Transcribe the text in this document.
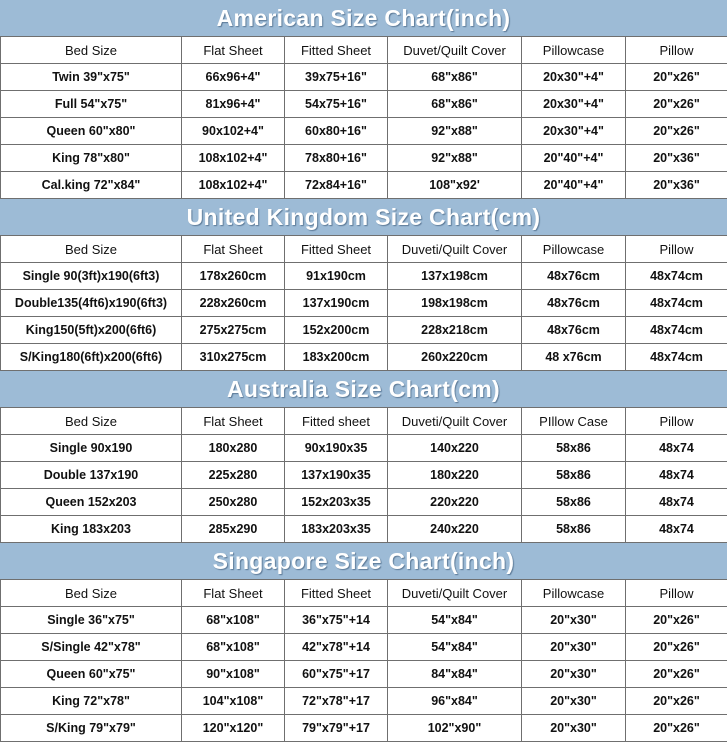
American Size Chart(inch)
Bed Size	Flat Sheet	Fitted Sheet	Duvet/Quilt Cover	Pillowcase	Pillow
Twin 39"x75"	66x96+4"	39x75+16"	68"x86"	20x30"+4"	20"x26"
Full 54"x75"	81x96+4"	54x75+16"	68"x86"	20x30"+4"	20"x26"
Queen 60"x80"	90x102+4"	60x80+16"	92"x88"	20x30"+4"	20"x26"
King 78"x80"	108x102+4"	78x80+16"	92"x88"	20"40"+4"	20"x36"
Cal.king 72"x84"	108x102+4"	72x84+16"	108"x92'	20"40"+4"	20"x36"
United Kingdom Size Chart(cm)
Bed Size	Flat Sheet	Fitted Sheet	Duveti/Quilt Cover	Pillowcase	Pillow
Single 90(3ft)x190(6ft3)	178x260cm	91x190cm	137x198cm	48x76cm	48x74cm
Double135(4ft6)x190(6ft3)	228x260cm	137x190cm	198x198cm	48x76cm	48x74cm
King150(5ft)x200(6ft6)	275x275cm	152x200cm	228x218cm	48x76cm	48x74cm
S/King180(6ft)x200(6ft6)	310x275cm	183x200cm	260x220cm	48 x76cm	48x74cm
Australia Size Chart(cm)
Bed Size	Flat Sheet	Fitted sheet	Duveti/Quilt Cover	PIllow Case	Pillow
Single 90x190	180x280	90x190x35	140x220	58x86	48x74
Double 137x190	225x280	137x190x35	180x220	58x86	48x74
Queen 152x203	250x280	152x203x35	220x220	58x86	48x74
King 183x203	285x290	183x203x35	240x220	58x86	48x74
Singapore Size Chart(inch)
Bed Size	Flat Sheet	Fitted Sheet	Duveti/Quilt Cover	Pillowcase	Pillow
Single 36"x75"	68"x108"	36"x75"+14	54"x84"	20"x30"	20"x26"
S/Single 42"x78"	68"x108"	42"x78"+14	54"x84"	20"x30"	20"x26"
Queen 60"x75"	90"x108"	60"x75"+17	84"x84"	20"x30"	20"x26"
King 72"x78"	104"x108"	72"x78"+17	96"x84"	20"x30"	20"x26"
S/King 79"x79"	120"x120"	79"x79"+17	102"x90"	20"x30"	20"x26"
